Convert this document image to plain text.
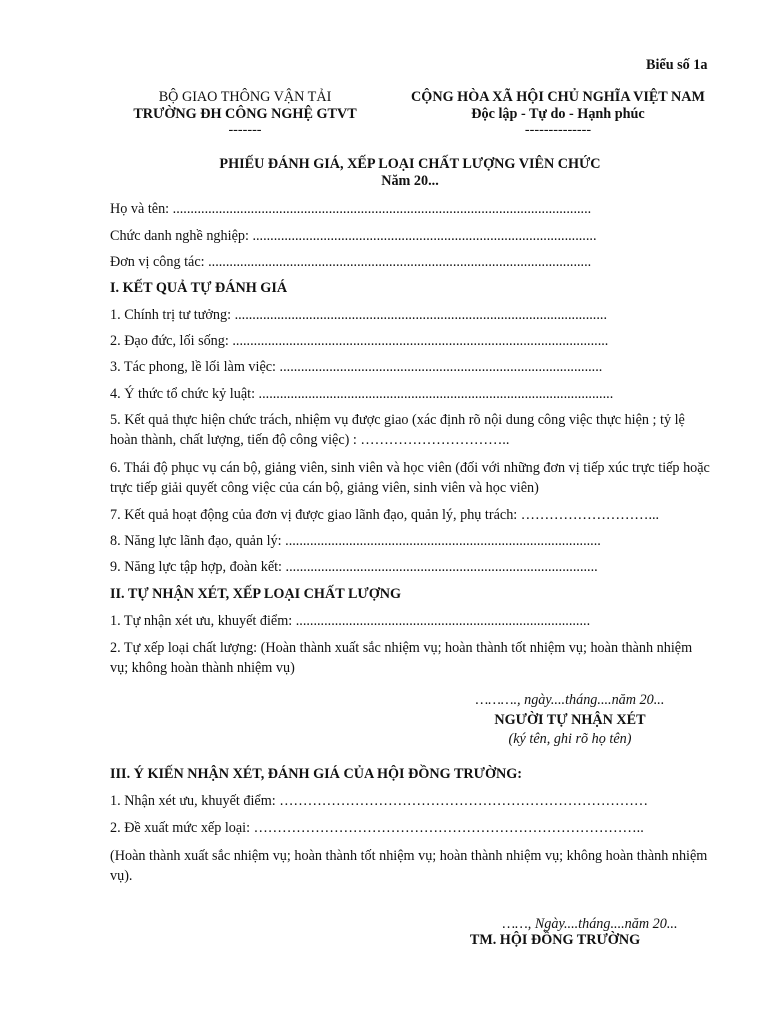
Biểu số 1a
BỘ GIAO THÔNG VẬN TẢI
TRƯỜNG ĐH CÔNG NGHỆ GTVT
-------
CỘNG HÒA XÃ HỘI CHỦ NGHĨA VIỆT NAM
Độc lập - Tự do - Hạnh phúc
--------------
PHIẾU ĐÁNH GIÁ, XẾP LOẠI CHẤT LƯỢNG VIÊN CHỨC
Năm 20...
Họ và tên: ......................................................................................................................
Chức danh nghề nghiệp: .................................................................................................
Đơn vị công tác: ............................................................................................................
I. KẾT QUẢ TỰ ĐÁNH GIÁ
1. Chính trị tư tưởng: .........................................................................................................
2. Đạo đức, lối sống: ..........................................................................................................
3. Tác phong, lề lối làm việc: ...........................................................................................
4. Ý thức tổ chức kỷ luật: ....................................................................................................
5. Kết quả thực hiện chức trách, nhiệm vụ được giao (xác định rõ nội dung công việc thực hiện ; tỷ lệ hoàn thành, chất lượng, tiến độ công việc) : …………………………..
6. Thái độ phục vụ cán bộ, giảng viên, sinh viên và học viên (đối với những đơn vị tiếp xúc trực tiếp hoặc trực tiếp giải quyết công việc của cán bộ, giảng viên, sinh viên và học viên)
7. Kết quả hoạt động của đơn vị được giao lãnh đạo, quản lý, phụ trách: ………………………...
8. Năng lực lãnh đạo, quản lý: .........................................................................................
9. Năng lực tập hợp, đoàn kết: ........................................................................................
II. TỰ NHẬN XÉT, XẾP LOẠI CHẤT LƯỢNG
1. Tự nhận xét ưu, khuyết điểm: ...................................................................................
2. Tự xếp loại chất lượng: (Hoàn thành xuất sắc nhiệm vụ; hoàn thành tốt nhiệm vụ; hoàn thành nhiệm vụ; không hoàn thành nhiệm vụ)
………., ngày....tháng....năm 20...
NGƯỜI TỰ NHẬN XÉT
(ký tên, ghi rõ họ tên)
III. Ý KIẾN NHẬN XÉT, ĐÁNH GIÁ CỦA HỘI ĐỒNG TRƯỜNG:
1. Nhận xét ưu, khuyết điểm: ……………………………………………………………………
2. Đề xuất mức xếp loại: ………………………………………………………………………..
(Hoàn thành xuất sắc nhiệm vụ; hoàn thành tốt nhiệm vụ; hoàn thành nhiệm vụ; không hoàn thành nhiệm vụ).
……, Ngày....tháng....năm 20...
TM. HỘI ĐỒNG TRƯỜNG
